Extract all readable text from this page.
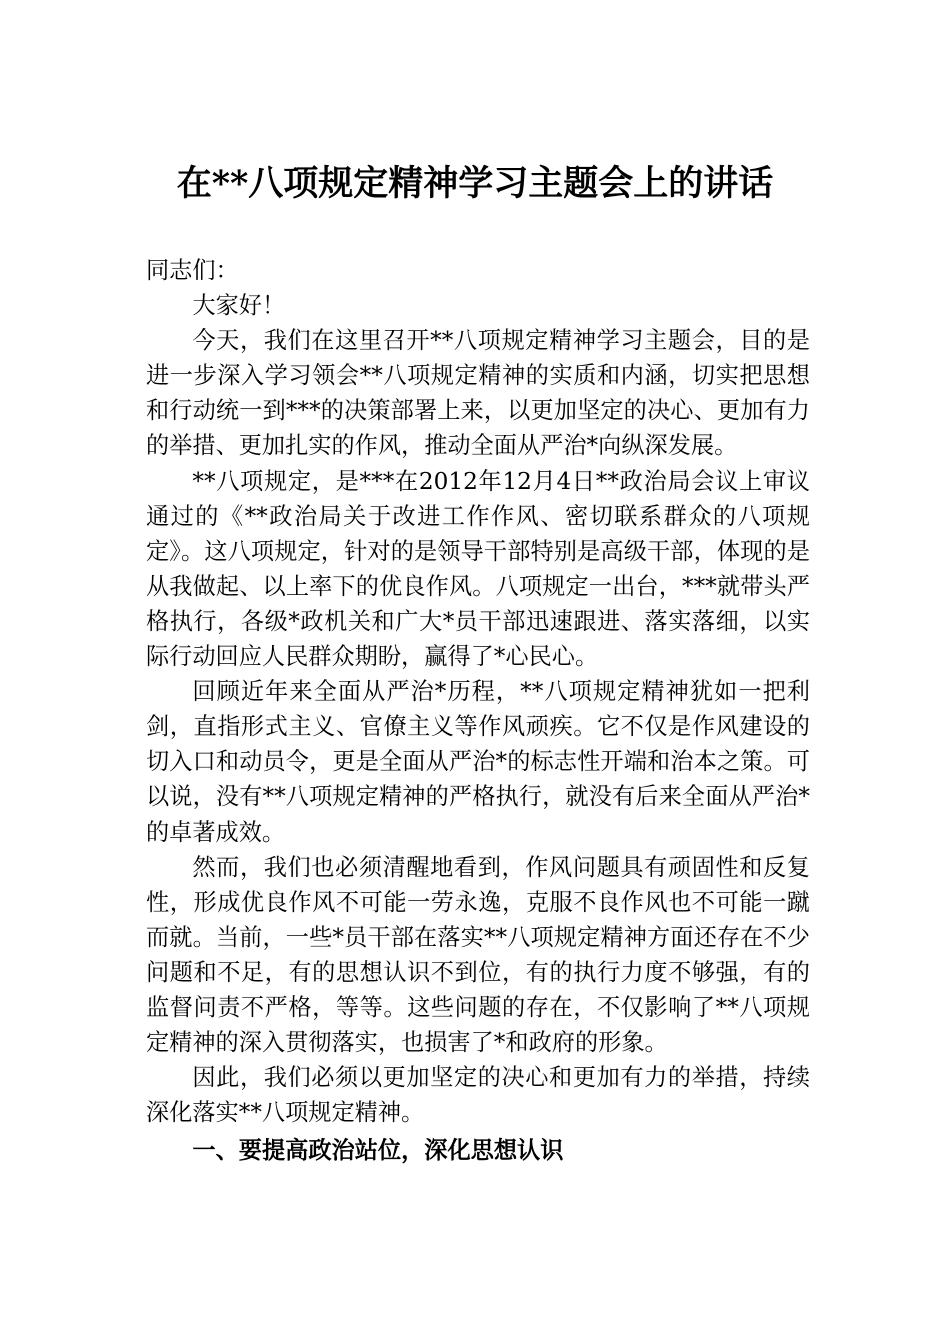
在**八项规定精神学习主题会上的讲话

同志们：

大家好！

今天，我们在这里召开**八项规定精神学习主题会，目的是进一步深入学习领会**八项规定精神的实质和内涵，切实把思想和行动统一到***的决策部署上来，以更加坚定的决心、更加有力的举措、更加扎实的作风，推动全面从严治*向纵深发展。

**八项规定，是***在2012年12月4日**政治局会议上审议通过的《**政治局关于改进工作作风、密切联系群众的八项规定》。这八项规定，针对的是领导干部特别是高级干部，体现的是从我做起、以上率下的优良作风。八项规定一出台，***就带头严格执行，各级*政机关和广大*员干部迅速跟进、落实落细，以实际行动回应人民群众期盼，赢得了*心民心。

回顾近年来全面从严治*历程，**八项规定精神犹如一把利剑，直指形式主义、官僚主义等作风顽疾。它不仅是作风建设的切入口和动员令，更是全面从严治*的标志性开端和治本之策。可以说，没有**八项规定精神的严格执行，就没有后来全面从严治*的卓著成效。

然而，我们也必须清醒地看到，作风问题具有顽固性和反复性，形成优良作风不可能一劳永逸，克服不良作风也不可能一蹴而就。当前，一些*员干部在落实**八项规定精神方面还存在不少问题和不足，有的思想认识不到位，有的执行力度不够强，有的监督问责不严格，等等。这些问题的存在，不仅影响了**八项规定精神的深入贯彻落实，也损害了*和政府的形象。

因此，我们必须以更加坚定的决心和更加有力的举措，持续深化落实**八项规定精神。

一、要提高政治站位，深化思想认识
